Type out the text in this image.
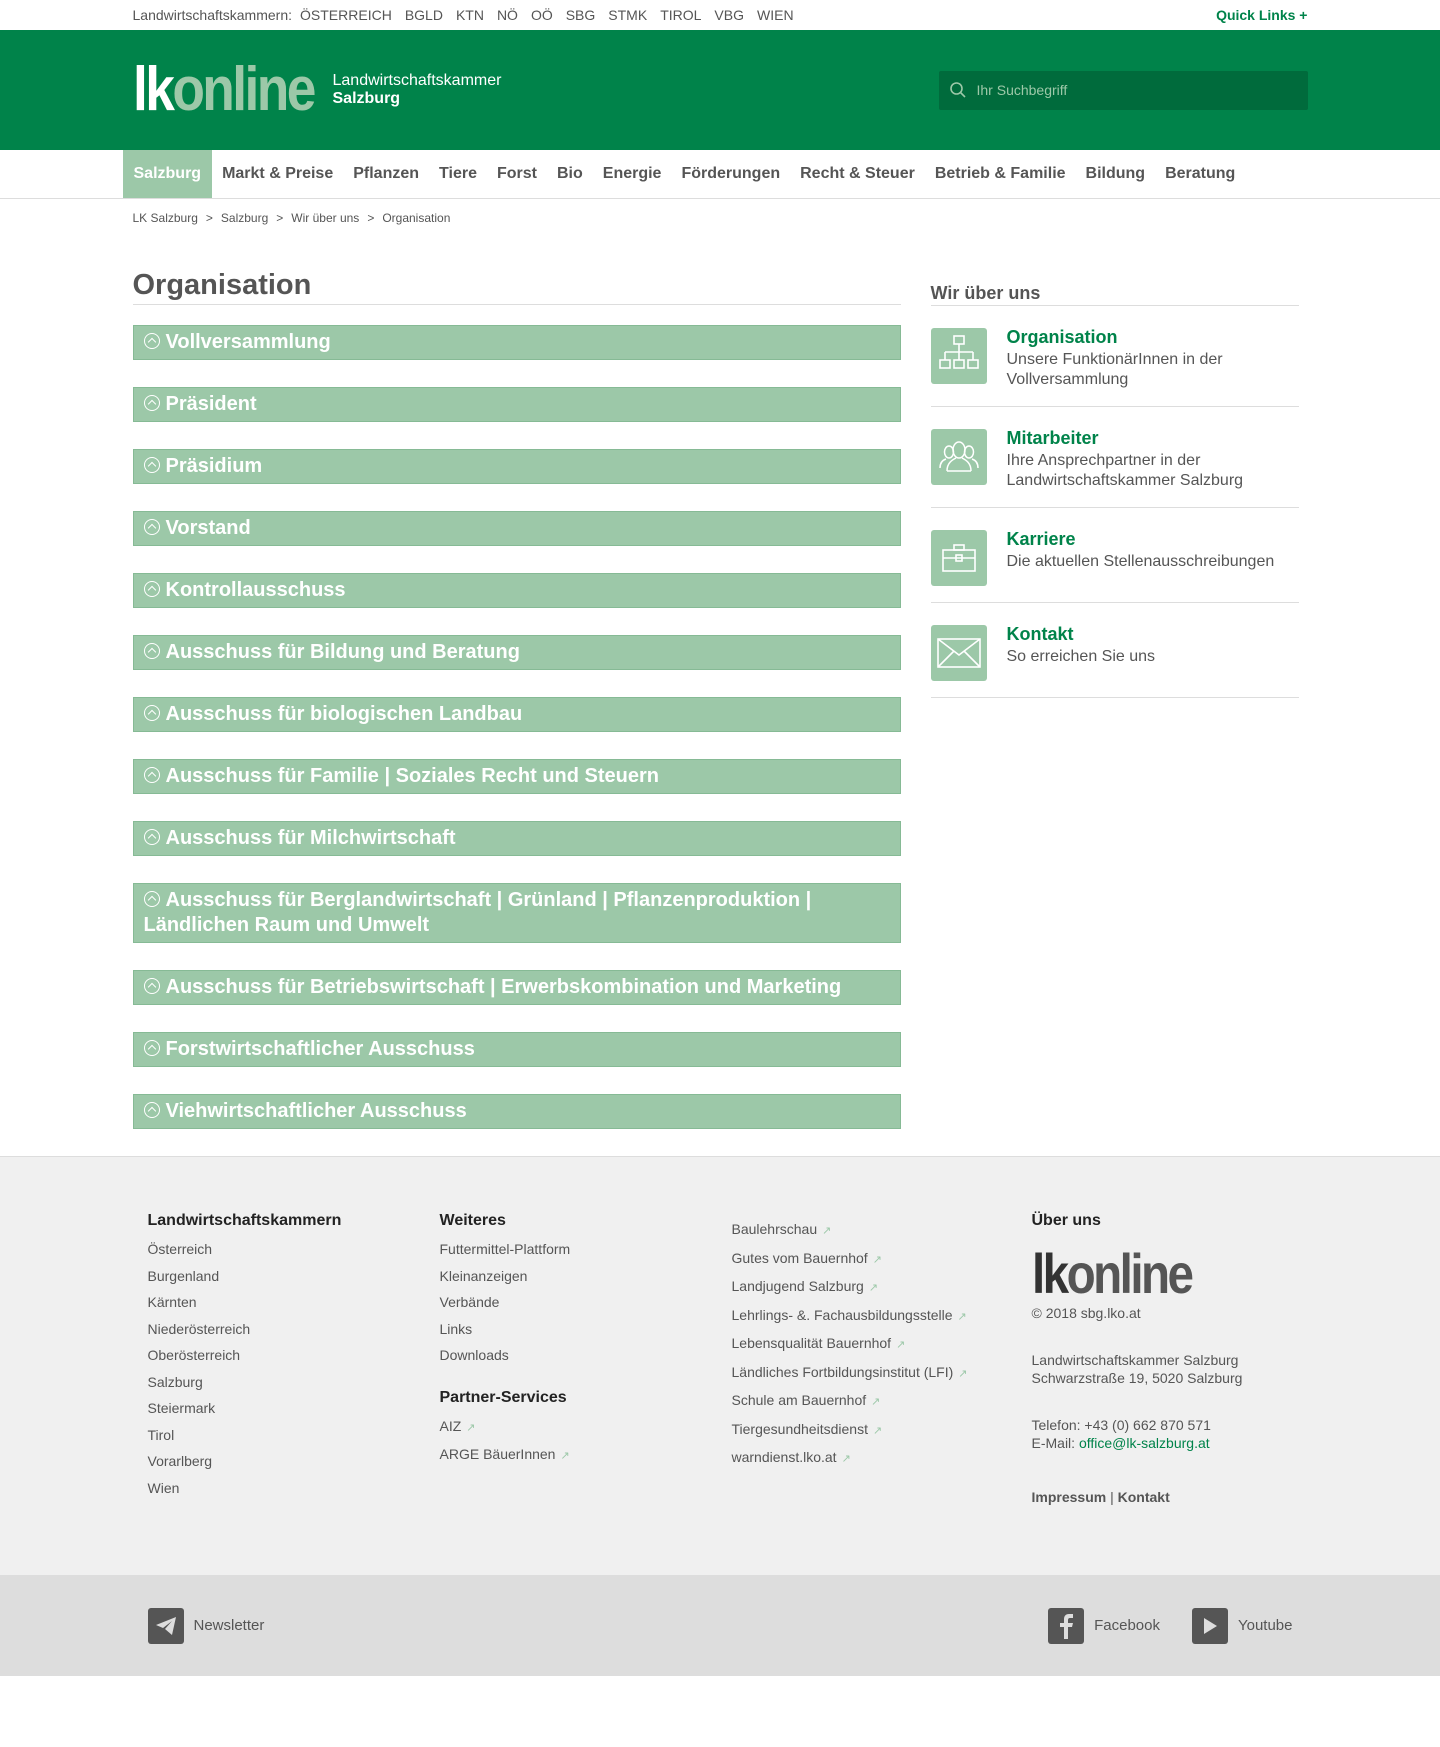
Landwirtschaftskammern: ÖSTERREICH BGLD KTN NÖ OÖ SBG STMK TIROL VBG WIEN	Quick Links +
lkonline Landwirtschaftskammer
Salzburg
Ihr Suchbegriff
Salzburg	Markt & Preise	Pflanzen	Tiere	Forst	Bio	Energie	Förderungen	Recht & Steuer	Betrieb & Familie	Bildung	Beratung
LK Salzburg > Salzburg > Wir über uns > Organisation
Organisation
Vollversammlung
Präsident
Präsidium
Vorstand
Kontrollausschuss
Ausschuss für Bildung und Beratung
Ausschuss für biologischen Landbau
Ausschuss für Familie | Soziales Recht und Steuern
Ausschuss für Milchwirtschaft
Ausschuss für Berglandwirtschaft | Grünland | Pflanzenproduktion | Ländlichen Raum und Umwelt
Ausschuss für Betriebswirtschaft | Erwerbskombination und Marketing
Forstwirtschaftlicher Ausschuss
Viehwirtschaftlicher Ausschuss
Wir über uns
Organisation
Unsere FunktionärInnen in der Vollversammlung
Mitarbeiter
Ihre Ansprechpartner in der Landwirtschaftskammer Salzburg
Karriere
Die aktuellen Stellenausschreibungen
Kontakt
So erreichen Sie uns
Landwirtschaftskammern
Österreich
Burgenland
Kärnten
Niederösterreich
Oberösterreich
Salzburg
Steiermark
Tirol
Vorarlberg
Wien
Weiteres
Futtermittel-Plattform
Kleinanzeigen
Verbände
Links
Downloads
Partner-Services
AIZ ↗
ARGE BäuerInnen ↗
Baulehrschau ↗
Gutes vom Bauernhof ↗
Landjugend Salzburg ↗
Lehrlings- &. Fachausbildungsstelle ↗
Lebensqualität Bauernhof ↗
Ländliches Fortbildungsinstitut (LFI) ↗
Schule am Bauernhof ↗
Tiergesundheitsdienst ↗
warndienst.lko.at ↗
Über uns
lkonline
© 2018 sbg.lko.at
Landwirtschaftskammer Salzburg
Schwarzstraße 19, 5020 Salzburg
Telefon: +43 (0) 662 870 571
E-Mail: office@lk-salzburg.at
Impressum | Kontakt
Newsletter	Facebook	Youtube
